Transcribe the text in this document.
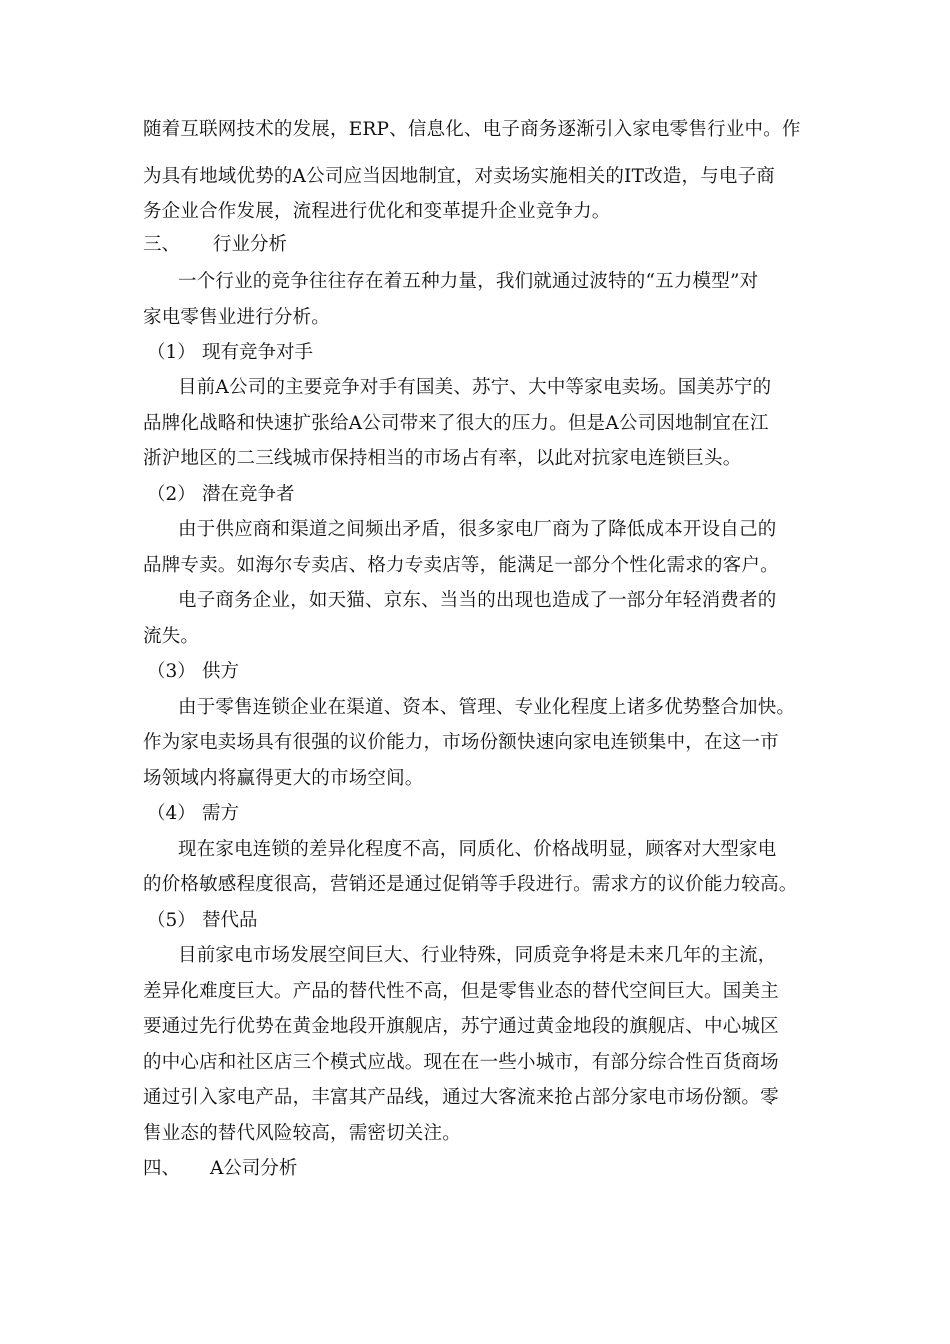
随着互联网技术的发展，ERP、信息化、电子商务逐渐引入家电零售行业中。作
为具有地域优势的A公司应当因地制宜，对卖场实施相关的IT改造，与电子商
务企业合作发展，流程进行优化和变革提升企业竞争力。
三、 行业分析
一个行业的竞争往往存在着五种力量，我们就通过波特的“五力模型”对
家电零售业进行分析。
（1） 现有竞争对手
目前A公司的主要竞争对手有国美、苏宁、大中等家电卖场。国美苏宁的
品牌化战略和快速扩张给A公司带来了很大的压力。但是A公司因地制宜在江
浙沪地区的二三线城市保持相当的市场占有率，以此对抗家电连锁巨头。
（2） 潜在竞争者
由于供应商和渠道之间频出矛盾，很多家电厂商为了降低成本开设自己的
品牌专卖。如海尔专卖店、格力专卖店等，能满足一部分个性化需求的客户。
电子商务企业，如天猫、京东、当当的出现也造成了一部分年轻消费者的
流失。
（3） 供方
由于零售连锁企业在渠道、资本、管理、专业化程度上诸多优势整合加快。
作为家电卖场具有很强的议价能力，市场份额快速向家电连锁集中，在这一市
场领域内将赢得更大的市场空间。
（4） 需方
现在家电连锁的差异化程度不高，同质化、价格战明显，顾客对大型家电
的价格敏感程度很高，营销还是通过促销等手段进行。需求方的议价能力较高。
（5） 替代品
目前家电市场发展空间巨大、行业特殊，同质竞争将是未来几年的主流，
差异化难度巨大。产品的替代性不高，但是零售业态的替代空间巨大。国美主
要通过先行优势在黄金地段开旗舰店，苏宁通过黄金地段的旗舰店、中心城区
的中心店和社区店三个模式应战。现在在一些小城市，有部分综合性百货商场
通过引入家电产品，丰富其产品线，通过大客流来抢占部分家电市场份额。零
售业态的替代风险较高，需密切关注。
四、 A公司分析
